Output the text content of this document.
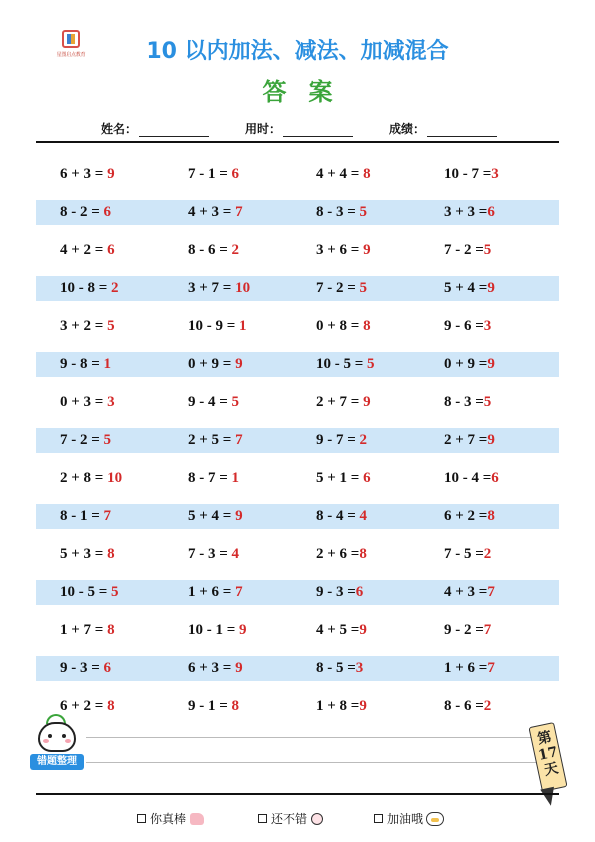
星图启点教育	10 以内加法、减法、加减混合
答案
姓名：	用时：	成绩：
6 + 3 = 9	7 - 1 = 6	4 + 4 = 8	10 - 7 =3
8 - 2 = 6	4 + 3 = 7	8 - 3 = 5	3 + 3 =6
4 + 2 = 6	8 - 6 = 2	3 + 6 = 9	7 - 2 =5
10 - 8 = 2	3 + 7 = 10	7 - 2 = 5	5 + 4 =9
3 + 2 = 5	10 - 9 = 1	0 + 8 = 8	9 - 6 =3
9 - 8 = 1	0 + 9 = 9	10 - 5 = 5	0 + 9 =9
0 + 3 = 3	9 - 4 = 5	2 + 7 = 9	8 - 3 =5
7 - 2 = 5	2 + 5 = 7	9 - 7 = 2	2 + 7 =9
2 + 8 = 10	8 - 7 = 1	5 + 1 = 6	10 - 4 =6
8 - 1 = 7	5 + 4 = 9	8 - 4 = 4	6 + 2 =8
5 + 3 = 8	7 - 3 = 4	2 + 6 =8	7 - 5 =2
10 - 5 = 5	1 + 6 = 7	9 - 3 =6	4 + 3 =7
1 + 7 = 8	10 - 1 = 9	4 + 5 =9	9 - 2 =7
9 - 3 = 6	6 + 3 = 9	8 - 5 =3	1 + 6 =7
6 + 2 = 8	9 - 1 = 8	1 + 8 =9	8 - 6 =2
错题整理
第17天
你真棒	还不错	加油哦
